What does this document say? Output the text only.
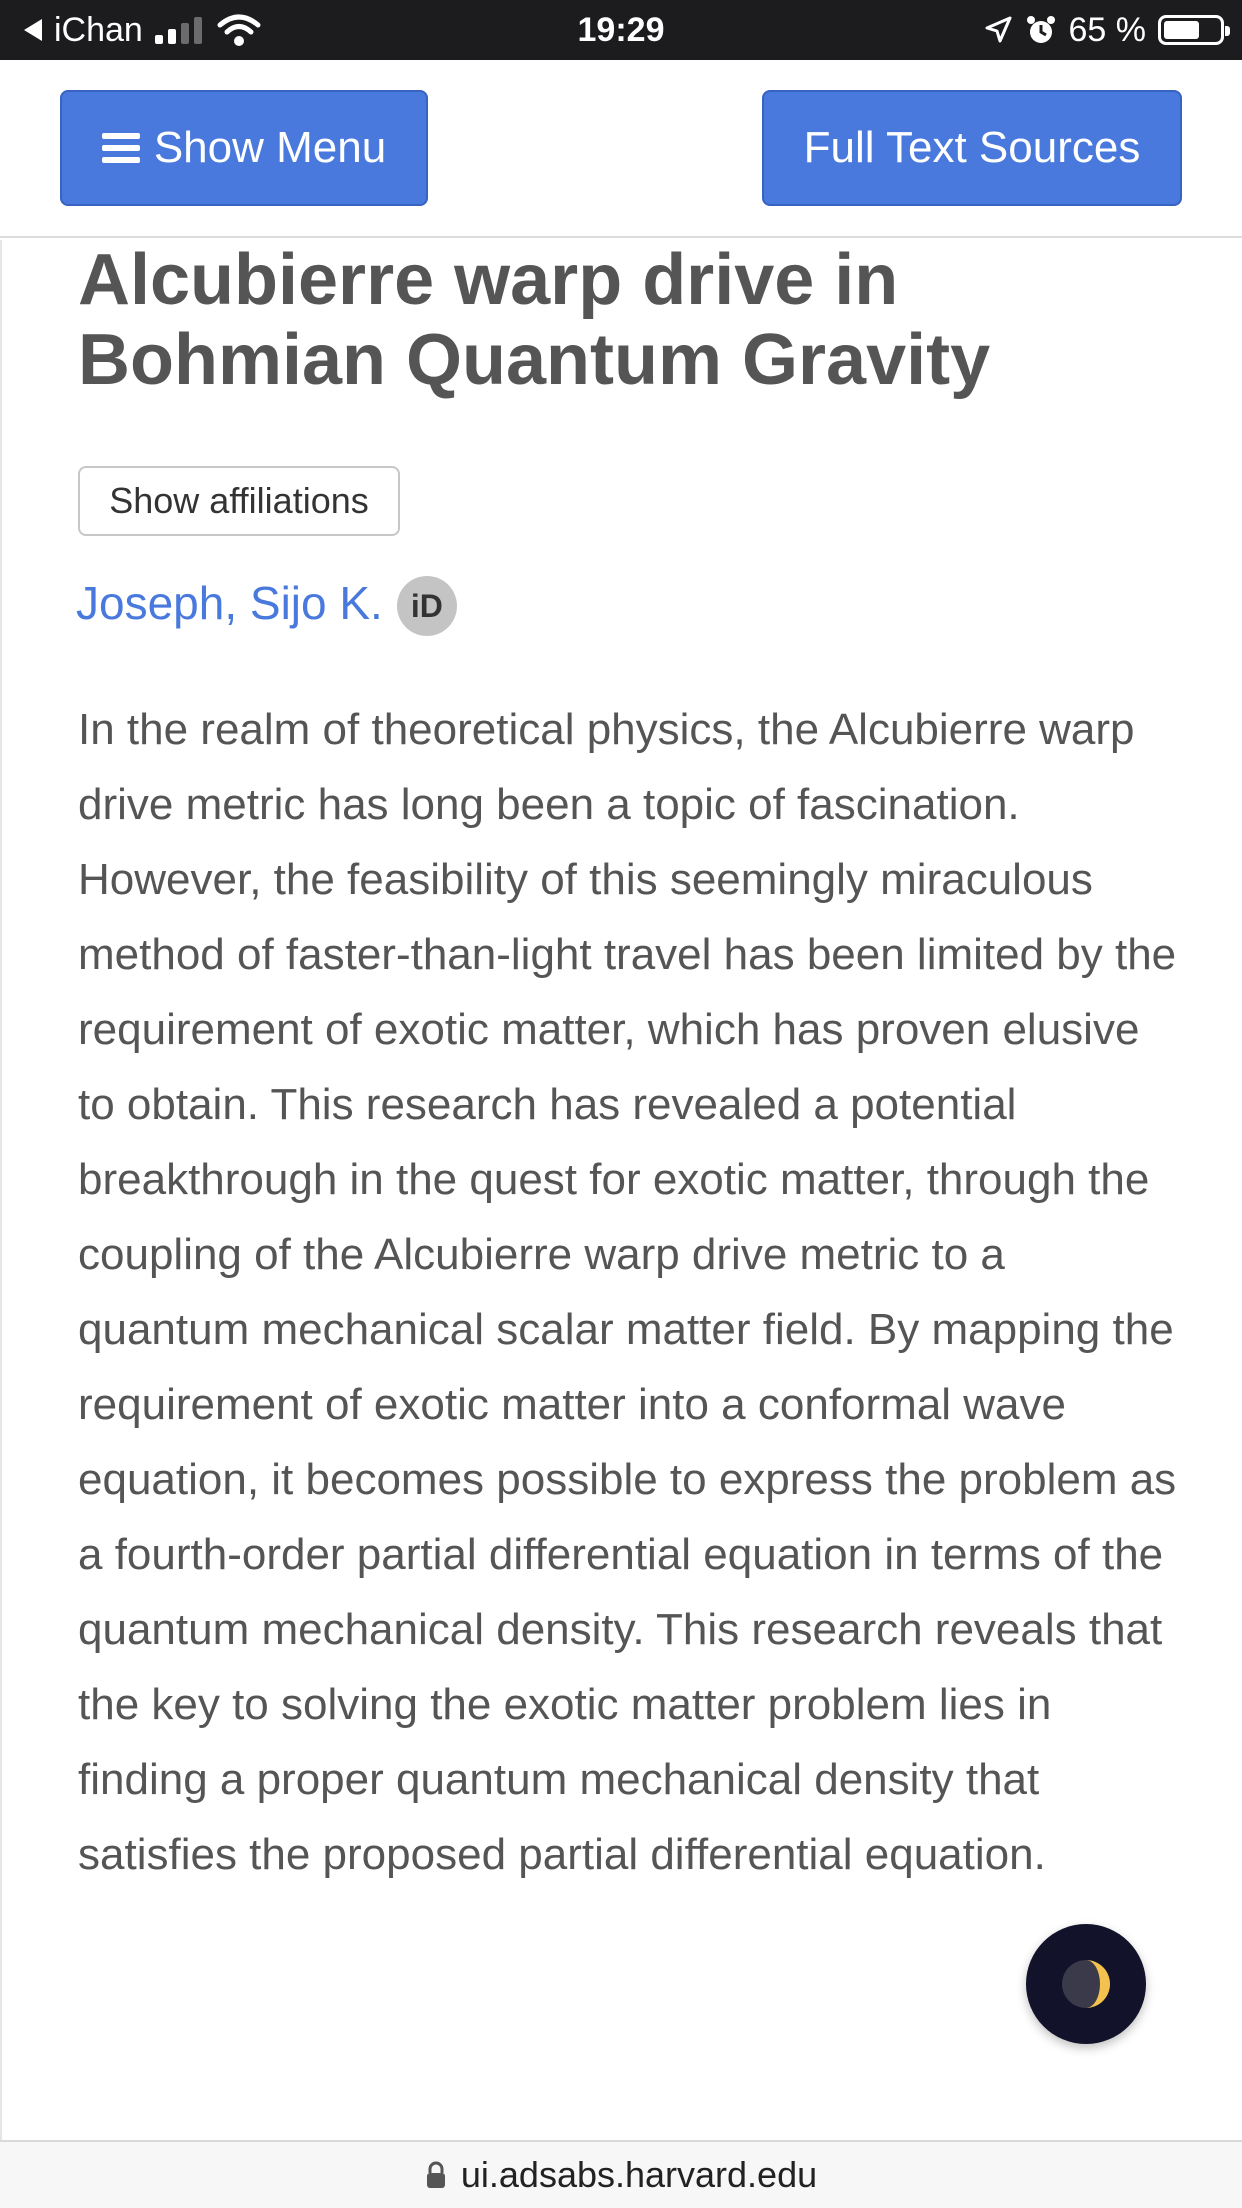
iChan	19:29	65 %
Show Menu	Full Text Sources
Alcubierre warp drive in Bohmian Quantum Gravity
Show affiliations
Joseph, Sijo K. iD

In the realm of theoretical physics, the Alcubierre warp drive metric has long been a topic of fascination. However, the feasibility of this seemingly miraculous method of faster-than-light travel has been limited by the requirement of exotic matter, which has proven elusive to obtain. This research has revealed a potential breakthrough in the quest for exotic matter, through the coupling of the Alcubierre warp drive metric to a quantum mechanical scalar matter field. By mapping the requirement of exotic matter into a conformal wave equation, it becomes possible to express the problem as a fourth-order partial differential equation in terms of the quantum mechanical density. This research reveals that the key to solving the exotic matter problem lies in finding a proper quantum mechanical density that satisfies the proposed partial differential equation.

ui.adsabs.harvard.edu
